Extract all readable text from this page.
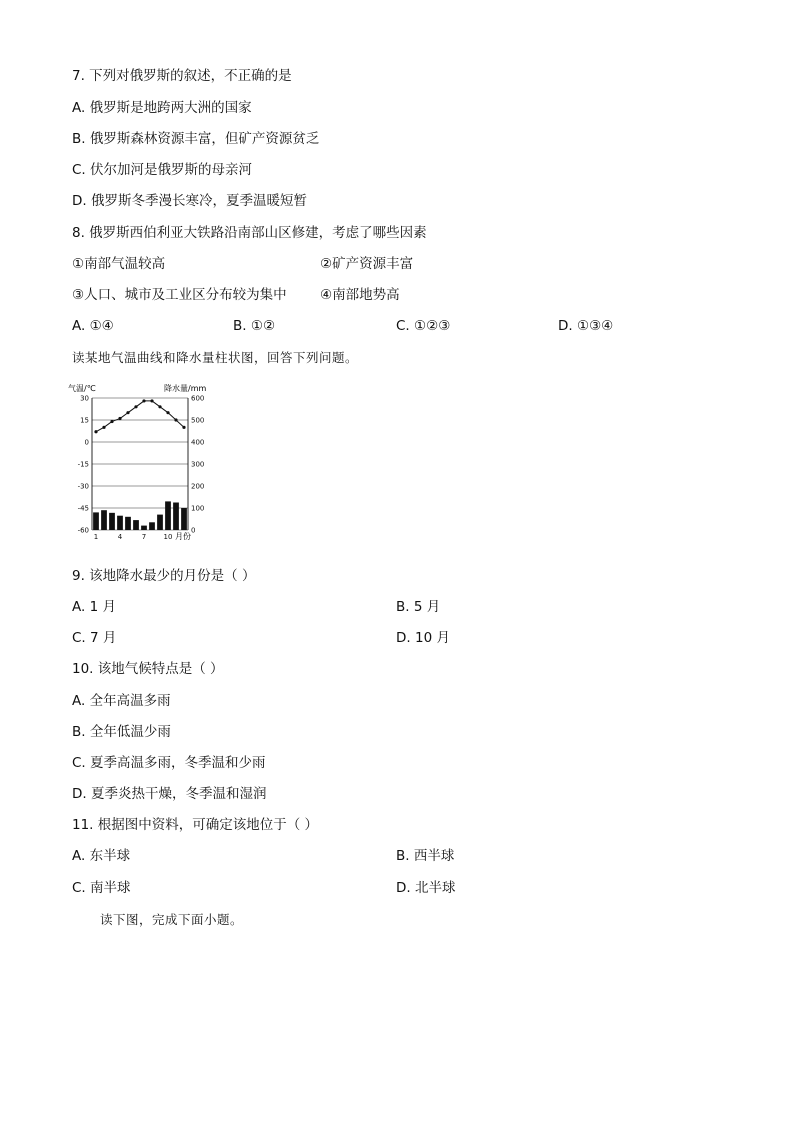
7. 下列对俄罗斯的叙述，不正确的是
A. 俄罗斯是地跨两大洲的国家
B. 俄罗斯森林资源丰富，但矿产资源贫乏
C. 伏尔加河是俄罗斯的母亲河
D. 俄罗斯冬季漫长寒冷，夏季温暖短暂
8. 俄罗斯西伯利亚大铁路沿南部山区修建，考虑了哪些因素
①南部气温较高	②矿产资源丰富
③人口、城市及工业区分布较为集中 ④南部地势高
A. ①④	B. ①②	C. ①②③	D. ①③④
读某地气温曲线和降水量柱状图，回答下列问题。
气温/℃	降水量/mm
30
15
0
-15
-30
-45
-60
600
500
400
300
200
100
0
1	4	7 10 月份
9. 该地降水最少的月份是（ ）
A. 1 月	B. 5 月
C. 7 月	D. 10 月
10. 该地气候特点是（ ）
A. 全年高温多雨
B. 全年低温少雨
C. 夏季高温多雨，冬季温和少雨
D. 夏季炎热干燥，冬季温和湿润
11. 根据图中资料，可确定该地位于（ ）
A. 东半球	B. 西半球
C. 南半球	D. 北半球
读下图，完成下面小题。
